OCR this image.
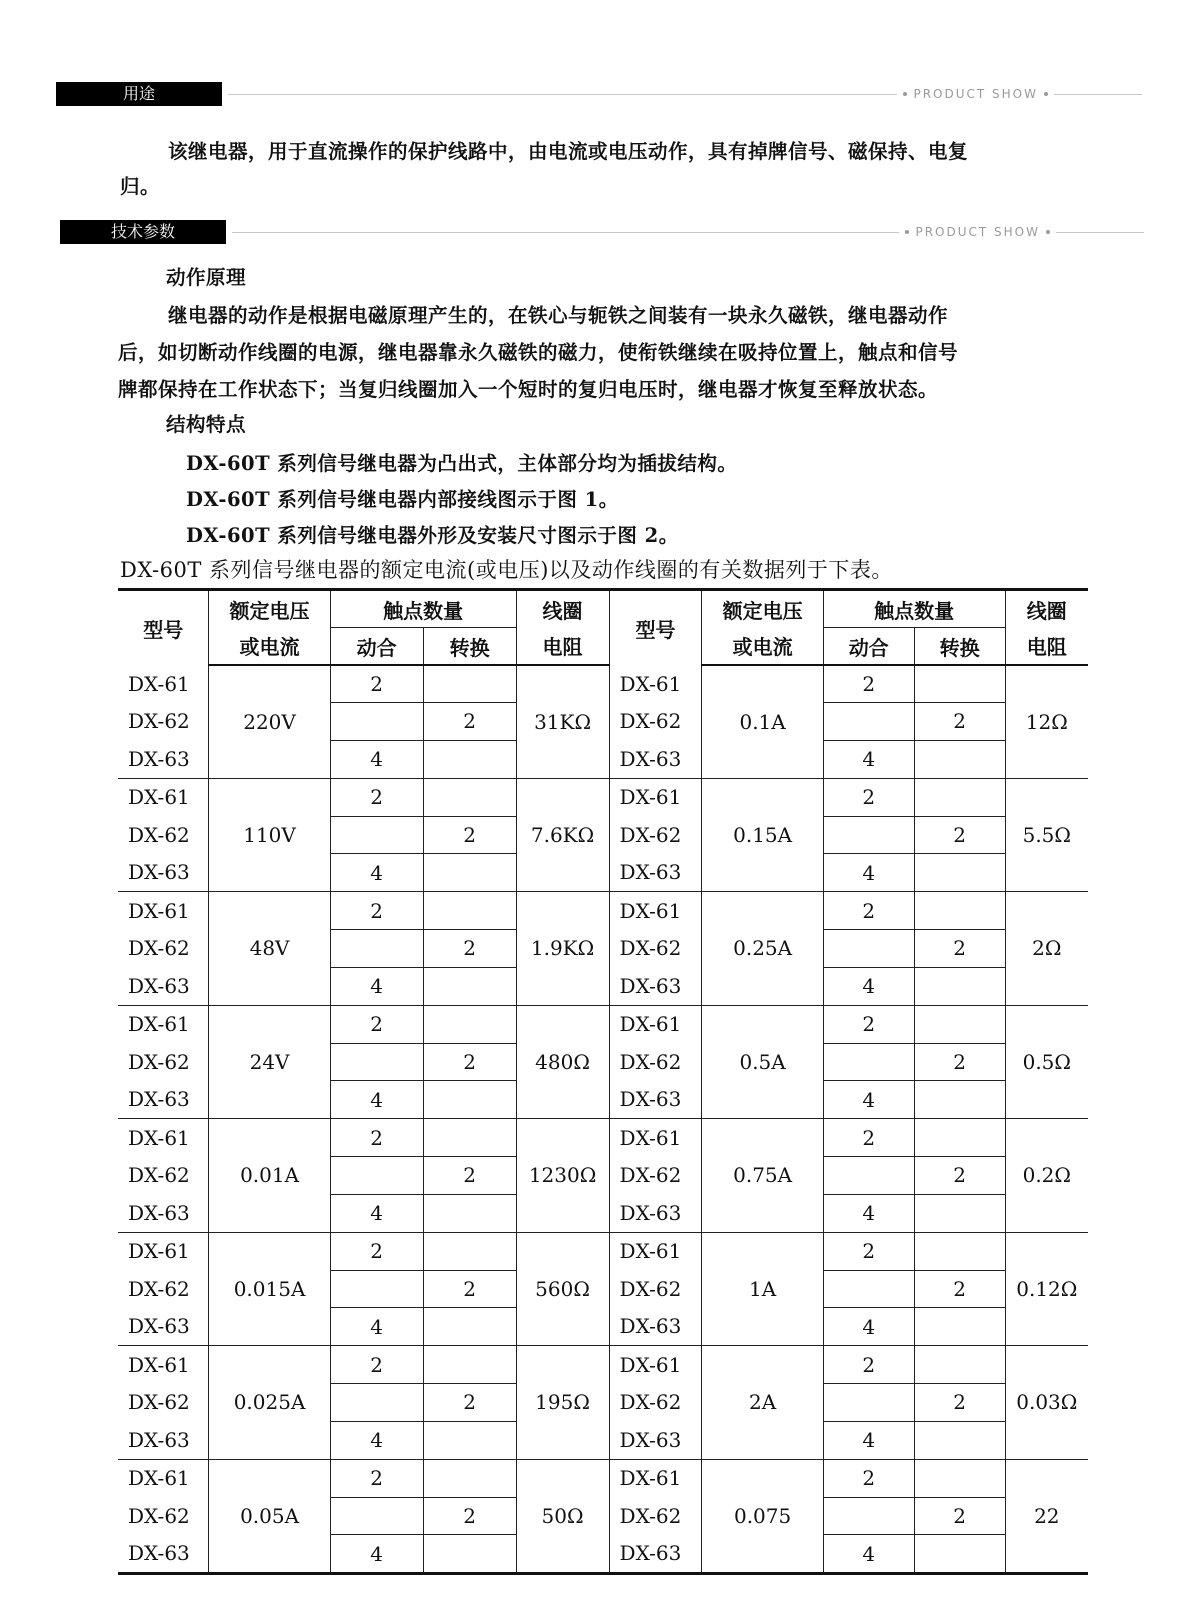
用途	PRODUCT SHOW
该继电器，用于直流操作的保护线路中，由电流或电压动作，具有掉牌信号、磁保持、电复
归。
技术参数	PRODUCT SHOW
动作原理
继电器的动作是根据电磁原理产生的，在铁心与轭铁之间装有一块永久磁铁，继电器动作
后，如切断动作线圈的电源，继电器靠永久磁铁的磁力，使衔铁继续在吸持位置上，触点和信号
牌都保持在工作状态下；当复归线圈加入一个短时的复归电压时，继电器才恢复至释放状态。
结构特点
DX-60T 系列信号继电器为凸出式，主体部分均为插拔结构。
DX-60T 系列信号继电器内部接线图示于图 1。
DX-60T 系列信号继电器外形及安装尺寸图示于图 2。
DX-60T 系列信号继电器的额定电流(或电压)以及动作线圈的有关数据列于下表。
型号	额定电压	触点数量		线圈	型号	额定电压	触点数量		线圈
	或电流	动合	转换	电阻		或电流	动合	转换	电阻
DX-61	220V	2		31KΩ	DX-61	0.1A	2		12Ω
DX-62			2		DX-62			2	
DX-63		4			DX-63		4		
DX-61	110V	2		7.6KΩ	DX-61	0.15A	2		5.5Ω
DX-62			2		DX-62			2	
DX-63		4			DX-63		4		
DX-61	48V	2		1.9KΩ	DX-61	0.25A	2		2Ω
DX-62			2		DX-62			2	
DX-63		4			DX-63		4		
DX-61	24V	2		480Ω	DX-61	0.5A	2		0.5Ω
DX-62			2		DX-62			2	
DX-63		4			DX-63		4		
DX-61	0.01A	2		1230Ω	DX-61	0.75A	2		0.2Ω
DX-62			2		DX-62			2	
DX-63		4			DX-63		4		
DX-61	0.015A	2		560Ω	DX-61	1A	2		0.12Ω
DX-62			2		DX-62			2	
DX-63		4			DX-63		4		
DX-61	0.025A	2		195Ω	DX-61	2A	2		0.03Ω
DX-62			2		DX-62			2	
DX-63		4			DX-63		4		
DX-61	0.05A	2		50Ω	DX-61	0.075	2		22
DX-62			2		DX-62			2	
DX-63		4			DX-63		4		
